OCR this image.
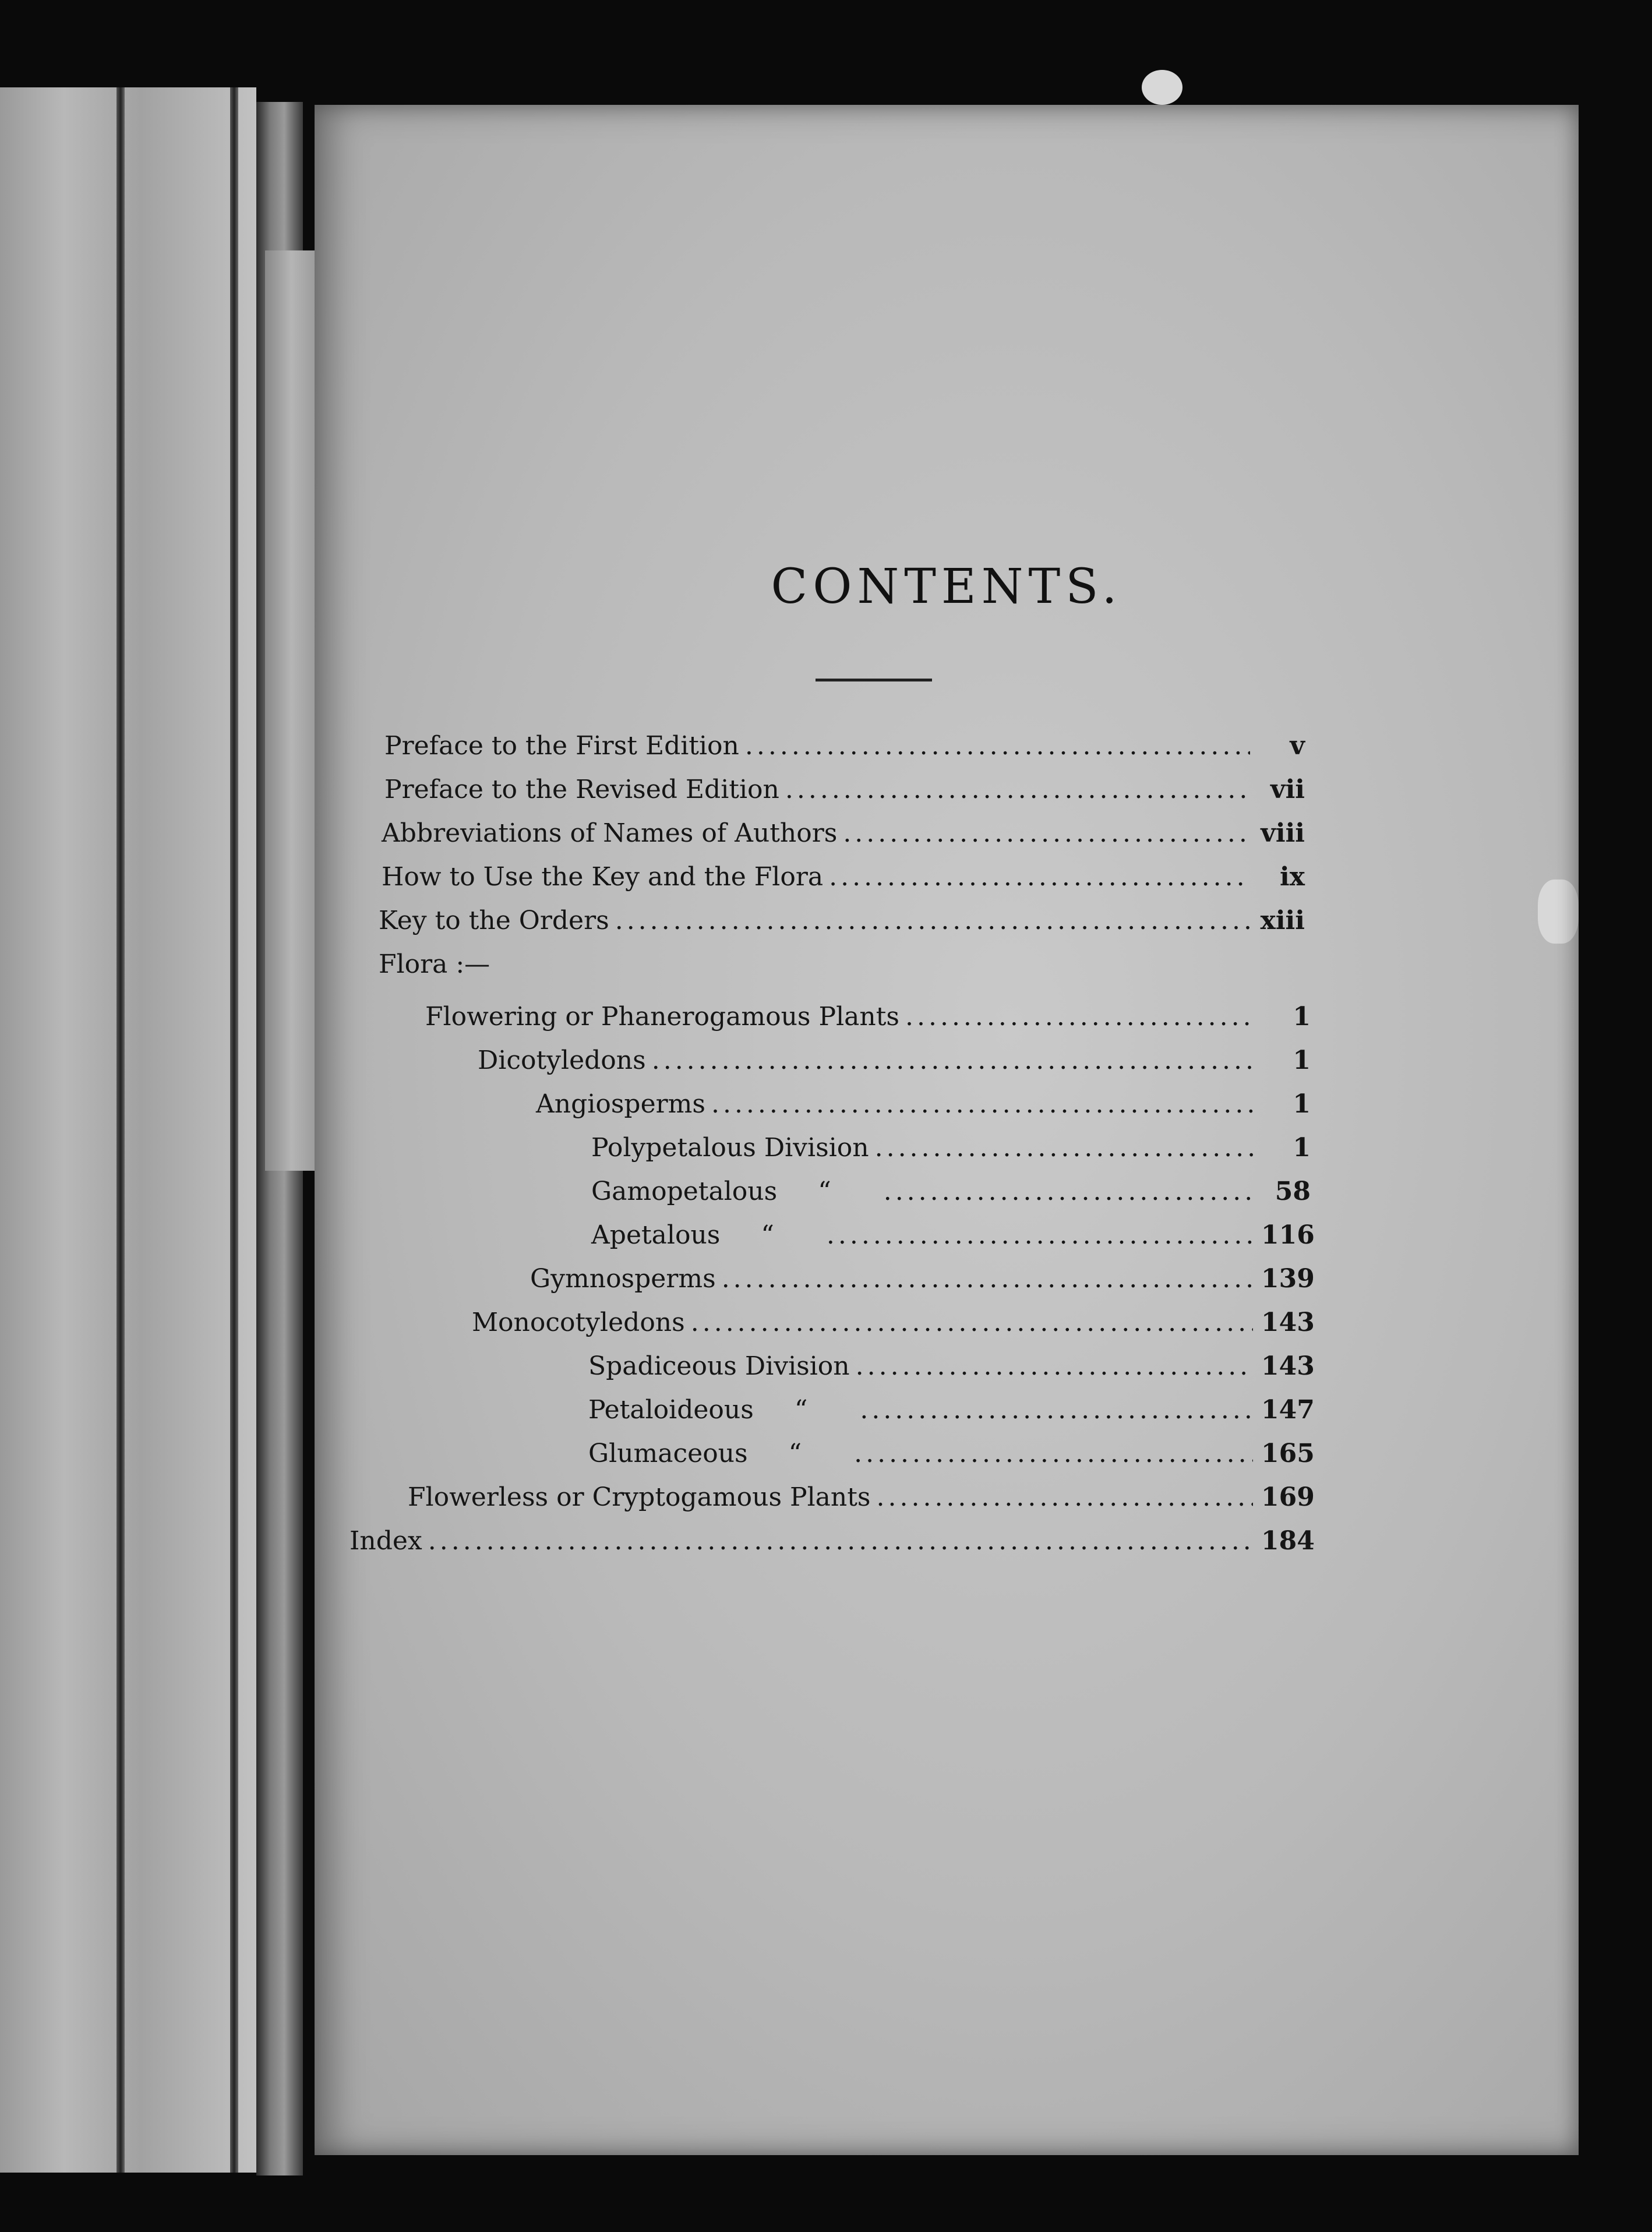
CONTENTS.
Preface to the First Edition .....	v
Preface to the Revised Edition .....	vii
Abbreviations of Names of Authors .....	viii
How to Use the Key and the Flora .....	ix
Key to the Orders .....	xiii
Flora :—
Flowering or Phanerogamous Plants .....	1
Dicotyledons .....	1
Angiosperms .....	1
Polypetalous Division .....	1
Gamopetalous	“ .....	58
Apetalous	“ .....	116
Gymnosperms .....	139
Monocotyledons .....	143
Spadiceous Division .....	143
Petaloideous	“ .....	147
Glumaceous	“ .....	165
Flowerless or Cryptogamous Plants .....	169
Index .....	184
